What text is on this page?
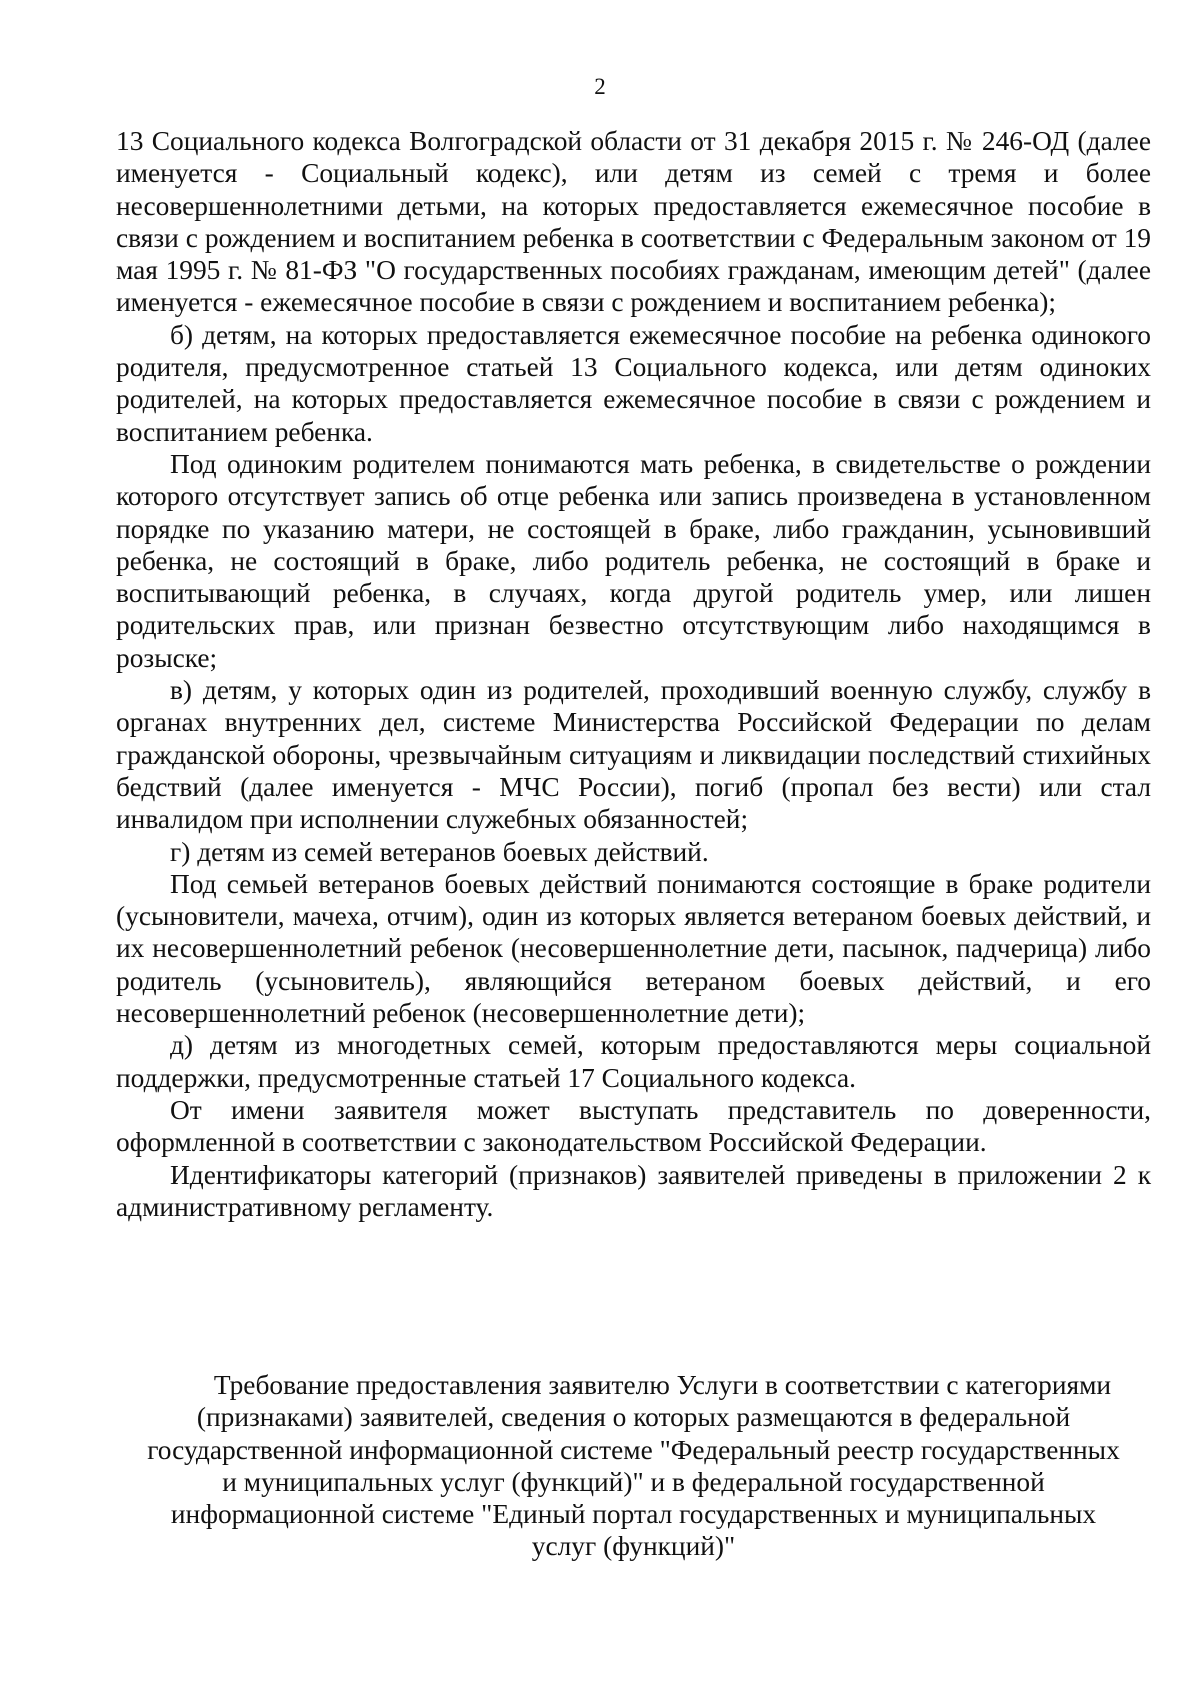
2

13 Социального кодекса Волгоградской области от 31 декабря 2015 г. № 246-ОД (далее именуется - Социальный кодекс), или детям из семей с тремя и более несовершеннолетними детьми, на которых предоставляется ежемесячное пособие в связи с рождением и воспитанием ребенка в соответствии с Федеральным законом от 19 мая 1995 г. № 81-ФЗ "О государственных пособиях гражданам, имеющим детей" (далее именуется - ежемесячное пособие в связи с рождением и воспитанием ребенка);

б) детям, на которых предоставляется ежемесячное пособие на ребенка одинокого родителя, предусмотренное статьей 13 Социального кодекса, или детям одиноких родителей, на которых предоставляется ежемесячное пособие в связи с рождением и воспитанием ребенка.

Под одиноким родителем понимаются мать ребенка, в свидетельстве о рождении которого отсутствует запись об отце ребенка или запись произведена в установленном порядке по указанию матери, не состоящей в браке, либо гражданин, усыновивший ребенка, не состоящий в браке, либо родитель ребенка, не состоящий в браке и воспитывающий ребенка, в случаях, когда другой родитель умер, или лишен родительских прав, или признан безвестно отсутствующим либо находящимся в розыске;

в) детям, у которых один из родителей, проходивший военную службу, службу в органах внутренних дел, системе Министерства Российской Федерации по делам гражданской обороны, чрезвычайным ситуациям и ликвидации последствий стихийных бедствий (далее именуется - МЧС России), погиб (пропал без вести) или стал инвалидом при исполнении служебных обязанностей;

г) детям из семей ветеранов боевых действий.

Под семьей ветеранов боевых действий понимаются состоящие в браке родители (усыновители, мачеха, отчим), один из которых является ветераном боевых действий, и их несовершеннолетний ребенок (несовершеннолетние дети, пасынок, падчерица) либо родитель (усыновитель), являющийся ветераном боевых действий, и его несовершеннолетний ребенок (несовершеннолетние дети);

д) детям из многодетных семей, которым предоставляются меры социальной поддержки, предусмотренные статьей 17 Социального кодекса.

От имени заявителя может выступать представитель по доверенности, оформленной в соответствии с законодательством Российской Федерации.

Идентификаторы категорий (признаков) заявителей приведены в приложении 2 к административному регламенту.

Требование предоставления заявителю Услуги в соответствии с категориями
(признаками) заявителей, сведения о которых размещаются в федеральной
государственной информационной системе "Федеральный реестр государственных
и муниципальных услуг (функций)" и в федеральной государственной
информационной системе "Единый портал государственных и муниципальных
услуг (функций)"
